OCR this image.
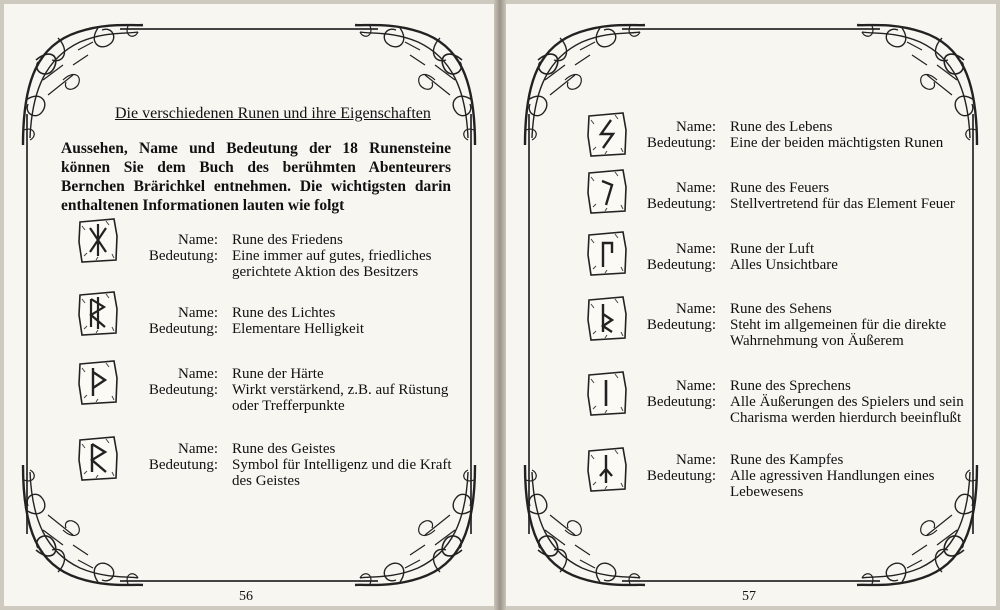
Die verschiedenen Runen und ihre Eigenschaften
Aussehen, Name und Bedeutung der 18 Runensteine können Sie dem Buch des berühmten Abenteurers Bernchen Brärichkel entnehmen. Die wichtigsten darin enthaltenen Informationen lauten wie folgt
Name: Rune des Friedens
Bedeutung: Eine immer auf gutes, friedliches
gerichtete Aktion des Besitzers
Name: Rune des Lichtes
Bedeutung: Elementare Helligkeit
Name: Rune der Härte
Bedeutung: Wirkt verstärkend, z.B. auf Rüstung
oder Trefferpunkte
Name: Rune des Geistes
Bedeutung: Symbol für Intelligenz und die Kraft
des Geistes
56
Name: Rune des Lebens
Bedeutung: Eine der beiden mächtigsten Runen
Name: Rune des Feuers
Bedeutung: Stellvertretend für das Element Feuer
Name: Rune der Luft
Bedeutung: Alles Unsichtbare
Name: Rune des Sehens
Bedeutung: Steht im allgemeinen für die direkte
Wahrnehmung von Äußerem
Name: Rune des Sprechens
Bedeutung: Alle Äußerungen des Spielers und sein
Charisma werden hierdurch beeinflußt
Name: Rune des Kampfes
Bedeutung: Alle agressiven Handlungen eines
Lebewesens
57
